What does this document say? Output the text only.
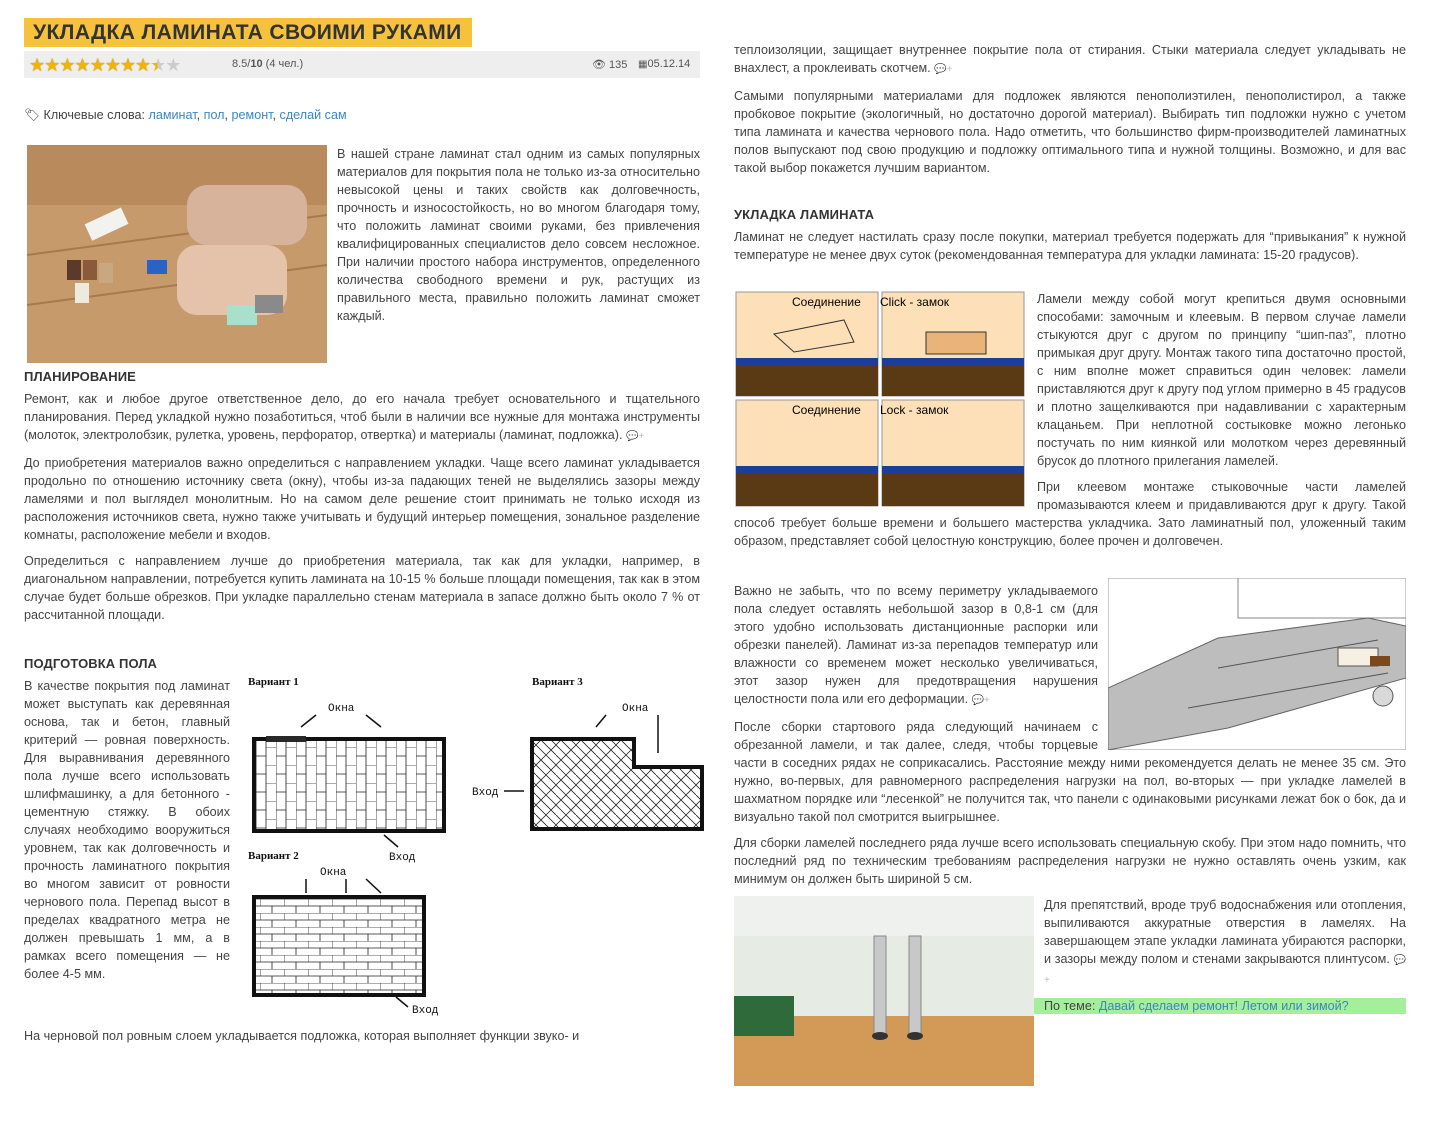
УКЛАДКА ЛАМИНАТА СВОИМИ РУКАМИ
★★★★★★★★★★	8.5/10 (4 чел.)	👁 135 ▦05.12.14
🏷 Ключевые слова: ламинат, пол, ремонт, сделай сам

В нашей стране ламинат стал одним из самых популярных материалов для покрытия пола не только из-за относительно невысокой цены и таких свойств как долговечность, прочность и износостойкость, но во многом благодаря тому, что положить ламинат своими руками, без привлечения квалифицированных специалистов дело совсем несложное. При наличии простого набора инструментов, определенного количества свободного времени и рук, растущих из правильного места, правильно положить ламинат сможет каждый.

ПЛАНИРОВАНИЕ

Ремонт, как и любое другое ответственное дело, до его начала требует основательного и тщательного планирования. Перед укладкой нужно позаботиться, чтоб были в наличии все нужные для монтажа инструменты (молоток, электролобзик, рулетка, уровень, перфоратор, отвертка) и материалы (ламинат, подложка). 💬+

До приобретения материалов важно определиться с направлением укладки. Чаще всего ламинат укладывается продольно по отношению источнику света (окну), чтобы из-за падающих теней не выделялись зазоры между ламелями и пол выглядел монолитным. Но на самом деле решение стоит принимать не только исходя из расположения источников света, нужно также учитывать и будущий интерьер помещения, зональное разделение комнаты, расположение мебели и входов.

Определиться с направлением лучше до приобретения материала, так как для укладки, например, в диагональном направлении, потребуется купить ламината на 10-15 % больше площади помещения, так как в этом случае будет больше обрезков. При укладке параллельно стенам материала в запасе должно быть около 7 % от рассчитанной площади.

ПОДГОТОВКА ПОЛА
Вариант 1
Окна
Вход
Вариант 2
Окна
Вход
Вариант 3
Окна
Вход

В качестве покрытия под ламинат может выступать как деревянная основа, так и бетон, главный критерий — ровная поверхность. Для выравнивания деревянного пола лучше всего использовать шлифмашинку, а для бетонного - цементную стяжку. В обоих случаях необходимо вооружиться уровнем, так как долговечность и прочность ламинатного покрытия во многом зависит от ровности чернового пола. Перепад высот в пределах квадратного метра не должен превышать 1 мм, а в рамках всего помещения — не более 4-5 мм.

На черновой пол ровным слоем укладывается подложка, которая выполняет функции звуко- и

теплоизоляции, защищает внутреннее покрытие пола от стирания. Стыки материала следует укладывать не внахлест, а проклеивать скотчем. 💬+

Самыми популярными материалами для подложек являются пенополиэтилен, пенополистирол, а также пробковое покрытие (экологичный, но достаточно дорогой материал). Выбирать тип подложки нужно с учетом типа ламината и качества чернового пола. Надо отметить, что большинство фирм-производителей ламинатных полов выпускают под свою продукцию и подложку оптимального типа и нужной толщины. Возможно, и для вас такой выбор покажется лучшим вариантом.

УКЛАДКА ЛАМИНАТА

Ламинат не следует настилать сразу после покупки, материал требуется подержать для “привыкания” к нужной температуре не менее двух суток (рекомендованная температура для укладки ламината: 15-20 градусов).

Соединение Click - замок
Соединение Lock - замок

Ламели между собой могут крепиться двумя основными способами: замочным и клеевым. В первом случае ламели стыкуются друг с другом по принципу “шип-паз”, плотно примыкая друг другу. Монтаж такого типа достаточно простой, с ним вполне может справиться один человек: ламели приставляются друг к другу под углом примерно в 45 градусов и плотно защелкиваются при надавливании с характерным клацаньем. При неплотной состыковке можно легонько постучать по ним киянкой или молотком через деревянный брусок до плотного прилегания ламелей.

При клеевом монтаже стыковочные части ламелей промазываются клеем и придавливаются друг к другу. Такой способ требует больше времени и большего мастерства укладчика. Зато ламинатный пол, уложенный таким образом, представляет собой целостную конструкцию, более прочен и долговечен.

Важно не забыть, что по всему периметру укладываемого пола следует оставлять небольшой зазор в 0,8-1 см (для этого удобно использовать дистанционные распорки или обрезки панелей). Ламинат из-за перепадов температур или влажности со временем может несколько увеличиваться, этот зазор нужен для предотвращения нарушения целостности пола или его деформации. 💬+

После сборки стартового ряда следующий начинаем с обрезанной ламели, и так далее, следя, чтобы торцевые части в соседних рядах не соприкасались. Расстояние между ними рекомендуется делать не менее 35 см. Это нужно, во-первых, для равномерного распределения нагрузки на пол, во-вторых — при укладке ламелей в шахматном порядке или “лесенкой” не получится так, что панели с одинаковыми рисунками лежат бок о бок, да и визуально такой пол смотрится выигрышнее.

Для сборки ламелей последнего ряда лучше всего использовать специальную скобу. При этом надо помнить, что последний ряд по техническим требованиям распределения нагрузки не нужно оставлять очень узким, как минимум он должен быть шириной 5 см.

Для препятствий, вроде труб водоснабжения или отопления, выпиливаются аккуратные отверстия в ламелях. На завершающем этапе укладки ламината убираются распорки, и зазоры между полом и стенами закрываются плинтусом. 💬+

По теме: Давай сделаем ремонт! Летом или зимой?
